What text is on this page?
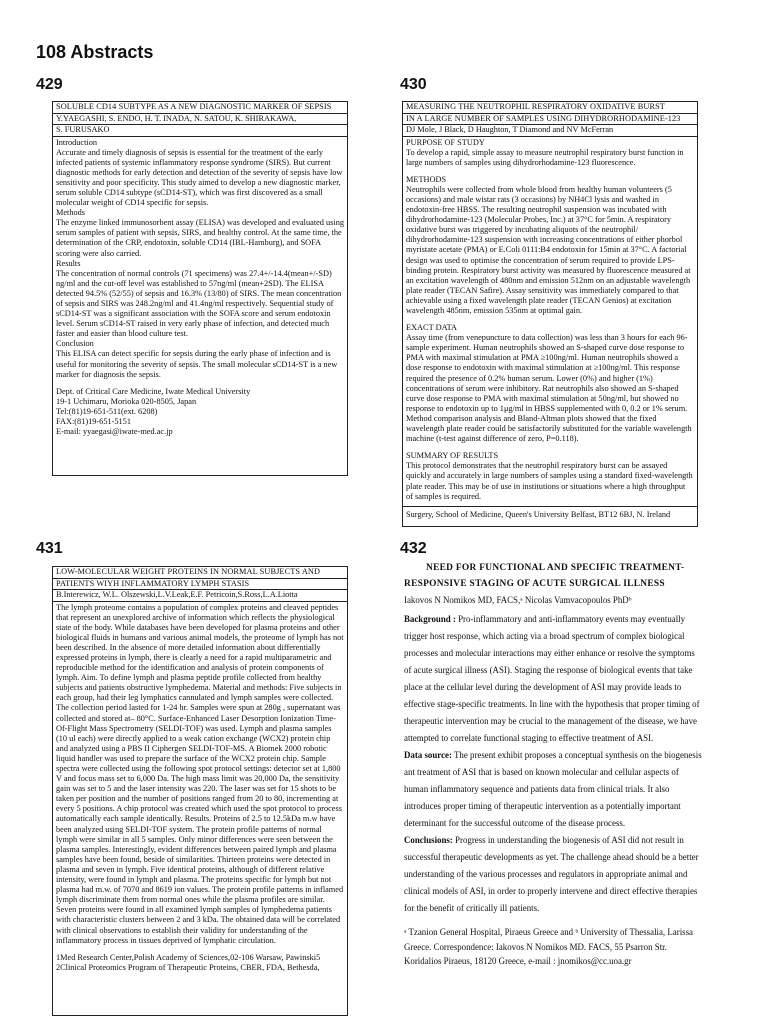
108 Abstracts
429
SOLUBLE CD14 SUBTYPE AS A NEW DIAGNOSTIC MARKER OF SEPSIS
Y.YAEGASHI, S. ENDO, H. T. INADA, N. SATOU, K. SHIRAKAWA,
S. FURUSAKO

Introduction

Accurate and timely diagnosis of sepsis is essential for the treatment of the early infected patients of systemic inflammatory response syndrome (SIRS). But current diagnostic methods for early detection and detection of the severity of sepsis have low sensitivity and poor specificity. This study aimed to develop a new diagnostic marker, serum soluble CD14 subtype (sCD14-ST), which was first discovered as a small molecular weight of CD14 specific for sepsis.

Methods

The enzyme linked immunosorbent assay (ELISA) was developed and evaluated using serum samples of patient with sepsis, SIRS, and healthy control. At the same time, the determination of the CRP, endotoxin, soluble CD14 (IBL-Hamburg), and SOFA scoring were also carried.

Results

The concentration of normal controls (71 specimens) was 27.4+/-14.4(mean+/-SD) ng/ml and the cut-off level was established to 57ng/ml (mean+2SD). The ELISA detected 94.5% (52/55) of sepsis and 16.3% (13/80) of SIRS. The mean concentration of sepsis and SIRS was 248.2ng/ml and 41.4ng/ml respectively. Sequential study of sCD14-ST was a significant association with the SOFA score and serum endotoxin level. Serum sCD14-ST raised in very early phase of infection, and detected much faster and easier than blood culture test.

Conclusion

This ELISA can detect specific for sepsis during the early phase of infection and is useful for monitoring the severity of sepsis. The small molecular sCD14-ST is a new marker for diagnosis the sepsis.

Dept. of Critical Care Medicine, Iwate Medical University

19-1 Uchimaru, Morioka 020-8505, Japan

Tel:(81)19-651-511(ext. 6208)

FAX:(81)19-651-5151

E-mail: yyaegasi@iwate-med.ac.jp

430
MEASURING THE NEUTROPHIL RESPIRATORY OXIDATIVE BURST
IN A LARGE NUMBER OF SAMPLES USING DIHYDRORHODAMINE-123
DJ Mole, J Black, D Haughton, T Diamond and NV McFerran

PURPOSE OF STUDY

To develop a rapid, simple assay to measure neutrophil respiratory burst function in large numbers of samples using dihydrorhodamine-123 fluorescence.

METHODS

Neutrophils were collected from whole blood from healthy human volunteers (5 occasions) and male wistar rats (3 occasions) by NH4Cl lysis and washed in endotoxin-free HBSS. The resulting neutrophil suspension was incubated with dihydrorhodamine-123 (Molecular Probes, Inc.) at 37°C for 5min. A respiratory oxidative burst was triggered by incubating aliquots of the neutrophil/ dihydrorhodamine-123 suspension with increasing concentrations of either phorbol myristate acetate (PMA) or E.Coli 0111:B4 endotoxin for 15min at 37°C. A factorial design was used to optimise the concentration of serum required to provide LPS-binding protein. Respiratory burst activity was measured by fluorescence measured at an excitation wavelength of 480nm and emission 512nm on an adjustable wavelength plate reader (TECAN Safire). Assay sensitivity was immediately compared to that achievable using a fixed wavelength plate reader (TECAN Genios) at excitation wavelength 485nm, emission 535nm at optimal gain.

EXACT DATA

Assay time (from venepuncture to data collection) was less than 3 hours for each 96-sample experiment. Human neutrophils showed an S-shaped curve dose response to PMA with maximal stimulation at PMA ≥100ng/ml. Human neutrophils showed a dose response to endotoxin with maximal stimulation at ≥100ng/ml. This response required the presence of 0.2% human serum. Lower (0%) and higher (1%) concentrations of serum were inhibitory. Rat neutrophils also showed an S-shaped curve dose response to PMA with maximal stimulation at 50ng/ml, but showed no response to endotoxin up to 1μg/ml in HBSS supplemented with 0, 0.2 or 1% serum. Method comparison analysis and Bland-Altman plots showed that the fixed wavelength plate reader could be satisfactorily substituted for the variable wavelength machine (t-test against difference of zero, P=0.118).

SUMMARY OF RESULTS

This protocol demonstrates that the neutrophil respiratory burst can be assayed quickly and accurately in large numbers of samples using a standard fixed-wavelength plate reader. This may be of use in institutions or situations where a high throughput of samples is required.

Surgery, School of Medicine, Queen's University Belfast, BT12 6BJ, N. Ireland

431
LOW-MOLECULAR WEIGHT PROTEINS IN NORMAL SUBJECTS AND
PATIENTS WIYH INFLAMMATORY LYMPH STASIS
B.Interewicz, W.L. Olszewski,L.V.Leak,E.F. Petricoin,S.Ross,L.A.Liotta

The lymph proteome contains a population of complex proteins and cleaved peptides that represent an unexplored archive of information which reflects the physiological state of the body. While databases have been developed for plasma proteins and other biological fluids in humans and various animal models, the proteome of lymph has not been described. In the absence of more detailed information about differentially expressed proteins in lymph, there is clearly a need for a rapid multiparametric and reproducible method for the identification and analysis of protein components of lymph. Aim. To define lymph and plasma peptide profile collected from healthy subjects and patients obstructive lymphedema. Material and methods: Five subjects in each group, had their leg lymphatics cannulated and lymph samples were collected. The collection period lasted for 1-24 hr. Samples were spun at 280g , supernatant was collected and stored at– 80°C. Surface-Enhanced Laser Desorption Ionization Time-Of-Flight Mass Spectrometry (SELDI-TOF) was used. Lymph and plasma samples (10 ul each) were directly applied to a weak cation exchange (WCX2) protein chip and analyzed using a PBS II Ciphergen SELDI-TOF-MS. A Biomek 2000 robotic liquid handler was used to prepare the surface of the WCX2 protein chip. Sample spectra were collected using the following spot protocol settings: detector set at 1,800 V and focus mass set to 6,000 Da. The high mass limit was 20,000 Da, the sensitivity gain was set to 5 and the laser intensity was 220. The laser was set for 15 shots to be taken per position and the number of positions ranged from 20 to 80, incrementing at every 5 positions. A chip protocol was created which used the spot protocol to process automatically each sample identically. Results. Proteins of 2.5 to 12.5kDa m.w have been analyzed using SELDI-TOF system. The protein profile patterns of normal lymph were similar in all 5 samples. Only minor differences were seen between the plasma samples. Interestingly, evident differences between paired lymph and plasma samples have been found, beside of similarities. Thirteen proteins were detected in plasma and seven in lymph. Five identical proteins, although of different relative intensity, were found in lymph and plasma. The proteins specific for lymph but not plasma had m.w. of 7070 and 8619 ion values. The protein profile patterns in inflamed lymph discriminate them from normal ones while the plasma profiles are similar. Seven proteins were found in all examined lymph samples of lymphedema patients with characteristic clusters between 2 and 3 kDa. The obtained data will be correlated with clinical observations to establish their validity for understanding of the inflammatory process in tissues deprived of lymphatic circulation.

1Med Research Center,Polish Academy of Sciences,02-106 Warsaw, Pawinski5

2Clinical Proteomics Program of Therapeutic Proteins, CBER, FDA, Bethesda,

432
NEED FOR FUNCTIONAL AND SPECIFIC TREATMENT-
RESPONSIVE STAGING OF ACUTE SURGICAL ILLNESS
Iakovos N Nomikos MD, FACS,ᵃ Nicolas Vamvacopoulos PhDᵇ

Background : Pro-inflammatory and anti-inflammatory events may eventually trigger host response, which acting via a broad spectrum of complex biological processes and molecular interactions may either enhance or resolve the symptoms of acute surgical illness (ASI). Staging the response of biological events that take place at the cellular level during the development of ASI may provide leads to effective stage-specific treatments. In line with the hypothesis that proper timing of therapeutic intervention may be crucial to the management of the disease, we have attempted to correlate functional staging to effective treatment of ASI.

Data source: The present exhibit proposes a conceptual synthesis on the biogenesis ant treatment of ASI that is based on known molecular and cellular aspects of human inflammatory sequence and patients data from clinical trials. It also introduces proper timing of therapeutic intervention as a potentially important determinant for the successful outcome of the disease process.

Conclusions: Progress in understanding the biogenesis of ASI did not result in successful therapeutic developments as yet. The challenge ahead should be a better understanding of the various processes and regulators in appropriate animal and clinical models of ASI, in order to properly intervene and direct effective therapies for the benefit of critically ill patients.

ᵃ Tzanion General Hospital, Piraeus Greece and ᵇ University of Thessalia, Larissa Greece. Correspondence: Iakovos N Nomikos MD. FACS, 55 Psarron Str. Koridalios Piraeus, 18120 Greece, e-mail : jnomikos@cc.uoa.gr
